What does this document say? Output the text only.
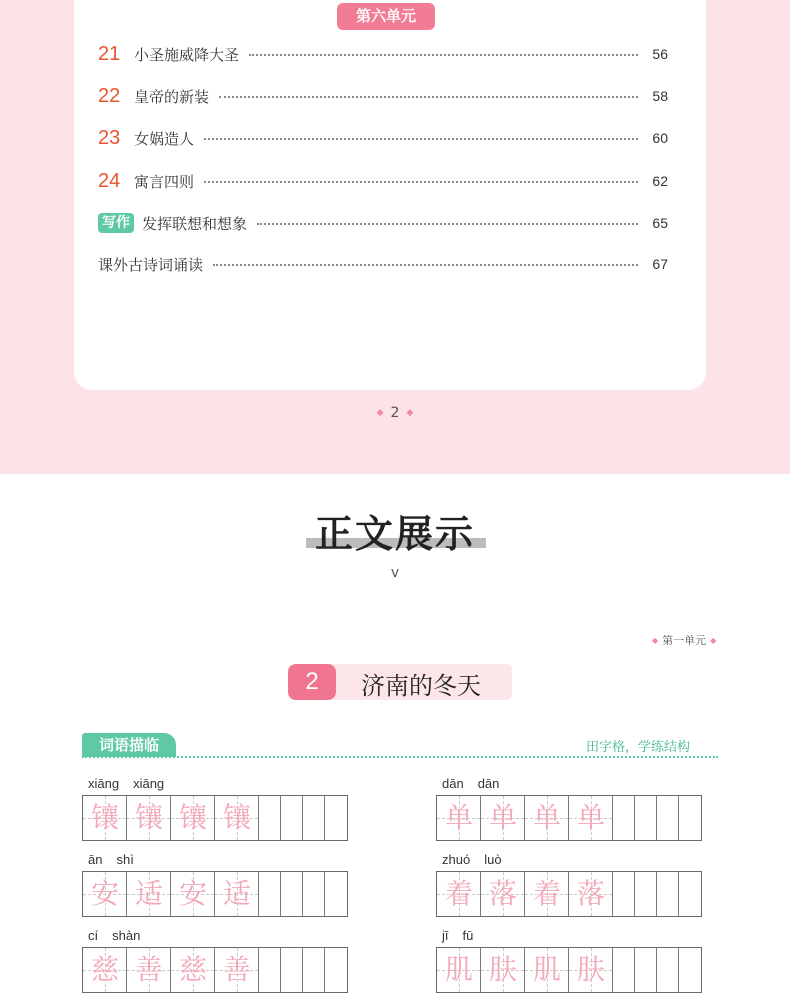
第六单元
21 小圣施威降大圣	56
22 皇帝的新装	58
23 女娲造人	60
24 寓言四则	62
写作 发挥联想和想象	65
课外古诗词诵读	67
◆ 2 ◆
正文展示
v
◆ 第一单元 ◆
2	济南的冬天
词语描临	田字格，学练结构
xiāng xiāng
镶 镶 镶 镶
dān dān
单 单 单 单
ān shì
安 适 安 适
zhuó luò
着 落 着 落
cí shàn
慈 善 慈 善
jī fū
肌 肤 肌 肤
